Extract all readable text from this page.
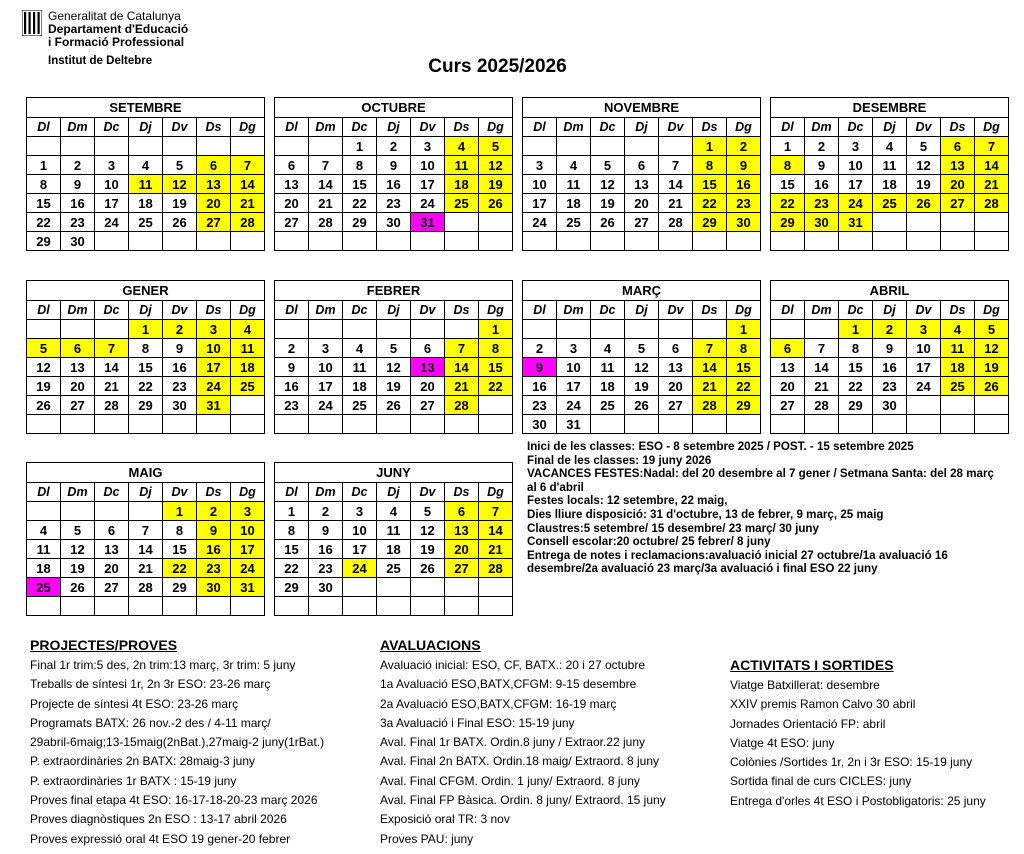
Generalitat de Catalunya
Departament d'Educació
i Formació Professional
Institut de Deltebre	Curs 2025/2026
SETEMBRE						
Dl	Dm	Dc	Dj	Dv	Ds	Dg

1	2	3	4	5	6	7
8	9	10	11	12	13	14
15	16	17	18	19	20	21
22	23	24	25	26	27	28
29	30					
OCTUBRE						
Dl	Dm	Dc	Dj	Dv	Ds	Dg
		1	2	3	4	5
6	7	8	9	10	11	12
13	14	15	16	17	18	19
20	21	22	23	24	25	26
27	28	29	30	31		

NOVEMBRE						
Dl	Dm	Dc	Dj	Dv	Ds	Dg
					1	2
3	4	5	6	7	8	9
10	11	12	13	14	15	16
17	18	19	20	21	22	23
24	25	26	27	28	29	30

DESEMBRE						
Dl	Dm	Dc	Dj	Dv	Ds	Dg
1	2	3	4	5	6	7
8	9	10	11	12	13	14
15	16	17	18	19	20	21
22	23	24	25	26	27	28
29	30	31				

GENER						
Dl	Dm	Dc	Dj	Dv	Ds	Dg
			1	2	3	4
5	6	7	8	9	10	11
12	13	14	15	16	17	18
19	20	21	22	23	24	25
26	27	28	29	30	31	

FEBRER						
Dl	Dm	Dc	Dj	Dv	Ds	Dg
						1
2	3	4	5	6	7	8
9	10	11	12	13	14	15
16	17	18	19	20	21	22
23	24	25	26	27	28	

MARÇ						
Dl	Dm	Dc	Dj	Dv	Ds	Dg
						1
2	3	4	5	6	7	8
9	10	11	12	13	14	15
16	17	18	19	20	21	22
23	24	25	26	27	28	29
30	31					
ABRIL						
Dl	Dm	Dc	Dj	Dv	Ds	Dg
		1	2	3	4	5
6	7	8	9	10	11	12
13	14	15	16	17	18	19
20	21	22	23	24	25	26
27	28	29	30			

MAIG						
Dl	Dm	Dc	Dj	Dv	Ds	Dg
				1	2	3
4	5	6	7	8	9	10
11	12	13	14	15	16	17
18	19	20	21	22	23	24
25	26	27	28	29	30	31

JUNY						
Dl	Dm	Dc	Dj	Dv	Ds	Dg
1	2	3	4	5	6	7
8	9	10	11	12	13	14
15	16	17	18	19	20	21
22	23	24	25	26	27	28
29	30					

Inici de les classes: ESO - 8 setembre 2025 / POST. - 15 setembre 2025
Final de les classes: 19 juny 2026
VACANCES FESTES:Nadal: del 20 desembre al 7 gener / Setmana Santa: del 28 març al 6 d'abril
Festes locals: 12 setembre, 22 maig,
Dies lliure disposició: 31 d'octubre, 13 de febrer, 9 març, 25 maig
Claustres:5 setembre/ 15 desembre/ 23 març/ 30 juny
Consell escolar:20 octubre/ 25 febrer/ 8 juny
Entrega de notes i reclamacions:avaluació inicial 27 octubre/1a avaluació 16 desembre/2a avaluació 23 març/3a avaluació i final ESO 22 juny
PROJECTES/PROVES
Final 1r trim:5 des, 2n trim:13 març, 3r trim: 5 juny
Treballs de síntesi 1r, 2n 3r ESO: 23-26 març
Projecte de síntesi 4t ESO: 23-26 març
Programats BATX: 26 nov.-2 des / 4-11 març/
29abril-6maig;13-15maig(2nBat.),27maig-2 juny(1rBat.)
P. extraordinàries 2n BATX: 28maig-3 juny
P. extraordinàries 1r BATX : 15-19 juny
Proves final etapa 4t ESO: 16-17-18-20-23 març 2026
Proves diagnòstiques 2n ESO : 13-17 abril 2026
Proves expressió oral 4t ESO 19 gener-20 febrer
AVALUACIONS
Avaluació inicial: ESO, CF, BATX.: 20 i 27 octubre
1a Avaluació ESO,BATX,CFGM: 9-15 desembre
2a Avaluació ESO,BATX,CFGM: 16-19 març
3a Avaluació i Final ESO: 15-19 juny
Aval. Final 1r BATX. Ordin.8 juny / Extraor.22 juny
Aval. Final 2n BATX. Ordin.18 maig/ Extraord. 8 juny
Aval. Final CFGM. Ordin. 1 juny/ Extraord. 8 juny
Aval. Final FP Bàsica. Ordin. 8 juny/ Extraord. 15 juny
Exposició oral TR: 3 nov
Proves PAU: juny
ACTIVITATS I SORTIDES
Viatge Batxillerat: desembre
XXIV premis Ramon Calvo 30 abril
Jornades Orientació FP: abril
Viatge 4t ESO: juny
Colònies /Sortides 1r, 2n i 3r ESO: 15-19 juny
Sortida final de curs CICLES: juny
Entrega d'orles 4t ESO i Postobligatoris: 25 juny
